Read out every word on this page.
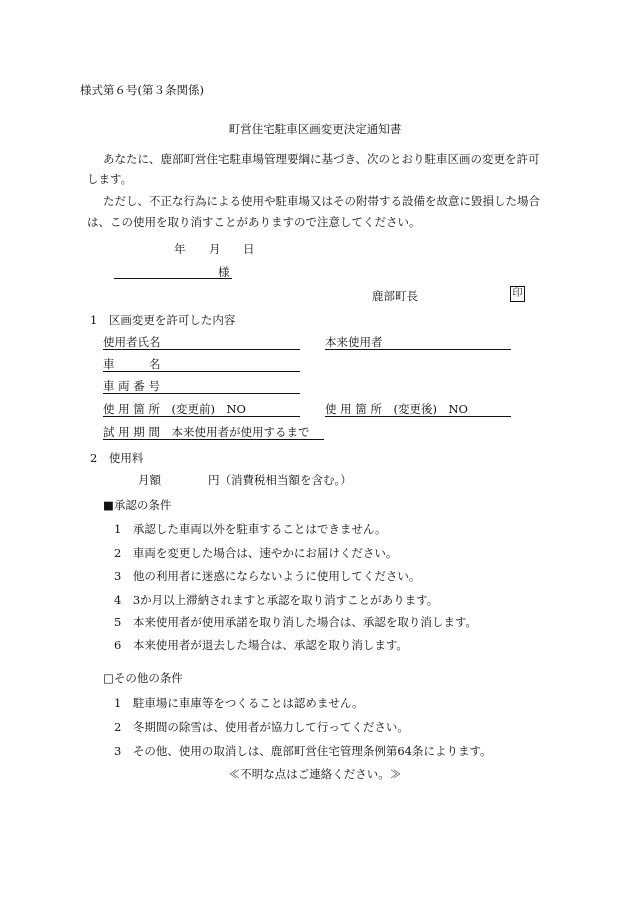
様式第６号(第３条関係)
町営住宅駐車区画変更決定通知書
あなたに、鹿部町営住宅駐車場管理要綱に基づき、次のとおり駐車区画の変更を許可
します。
ただし、不正な行為による使用や駐車場又はその附帯する設備を故意に毀損した場合
は、この使用を取り消すことがありますので注意してください。
年 月 日
様
鹿部町長	印
1　区画変更を許可した内容
使用者氏名	本来使用者
車　　　名
車 両 番 号
使 用 箇 所　(変更前)　NO	使 用 箇 所　(変更後)　NO
試 用 期 間　本来使用者が使用するまで
2　使用料
月額	円（消費税相当額を含む。）
■承認の条件
1　承認した車両以外を駐車することはできません。
2　車両を変更した場合は、速やかにお届けください。
3　他の利用者に迷惑にならないように使用してください。
4　3か月以上滞納されますと承認を取り消すことがあります。
5　本来使用者が使用承諾を取り消した場合は、承認を取り消します。
6　本来使用者が退去した場合は、承認を取り消します。
□その他の条件
1　駐車場に車庫等をつくることは認めません。
2　冬期間の除雪は、使用者が協力して行ってください。
3　その他、使用の取消しは、鹿部町営住宅管理条例第64条によります。
≪不明な点はご連絡ください。≫
